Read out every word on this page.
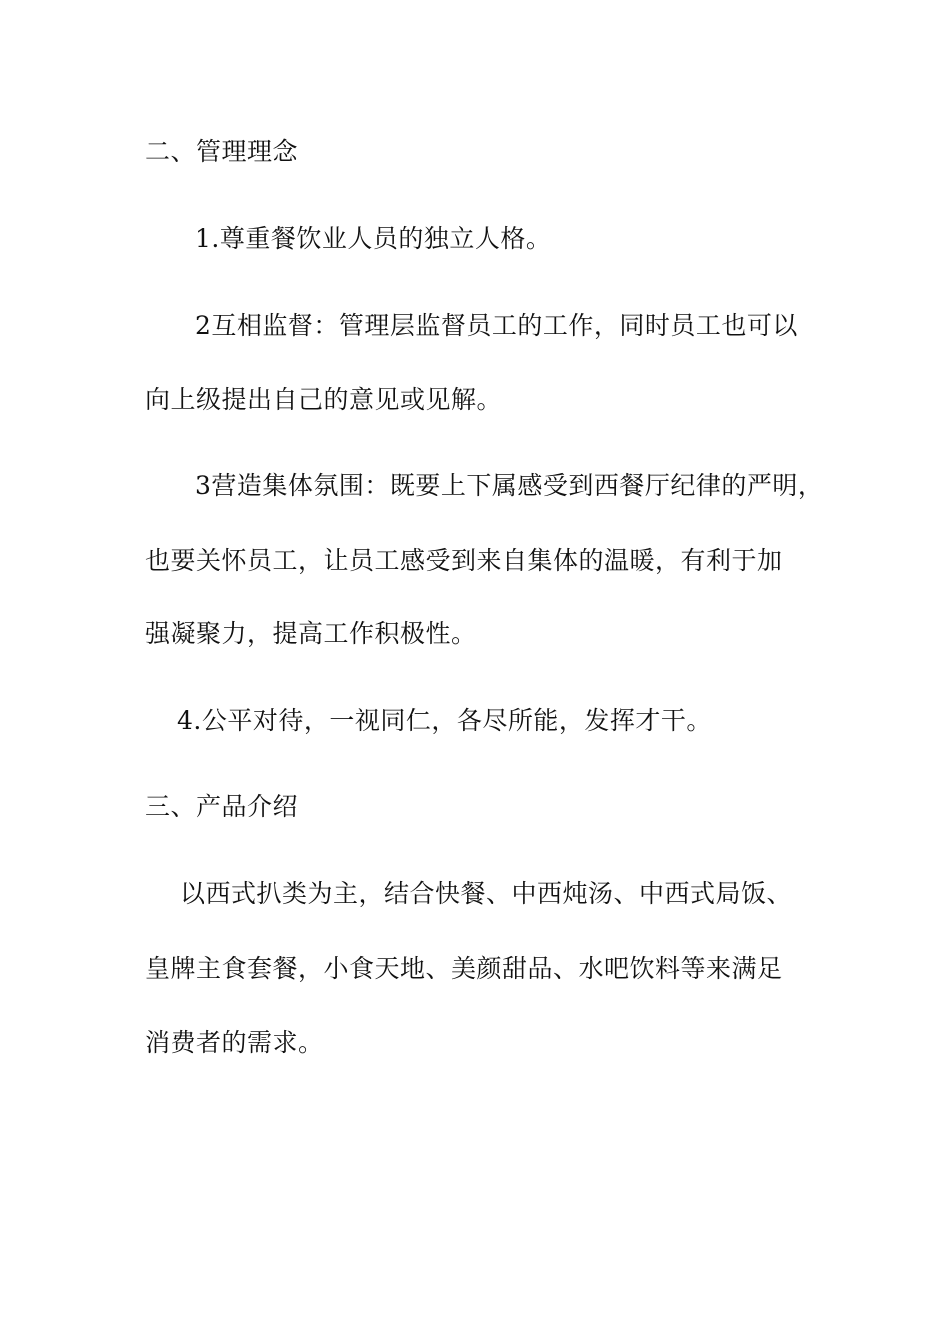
二、管理理念
1.尊重餐饮业人员的独立人格。
2互相监督：管理层监督员工的工作，同时员工也可以
向上级提出自己的意见或见解。
3营造集体氛围：既要上下属感受到西餐厅纪律的严明，
也要关怀员工，让员工感受到来自集体的温暖，有利于加
强凝聚力，提高工作积极性。
4.公平对待，一视同仁，各尽所能，发挥才干。
三、产品介绍
以西式扒类为主，结合快餐、中西炖汤、中西式局饭、
皇牌主食套餐，小食天地、美颜甜品、水吧饮料等来满足
消费者的需求。
